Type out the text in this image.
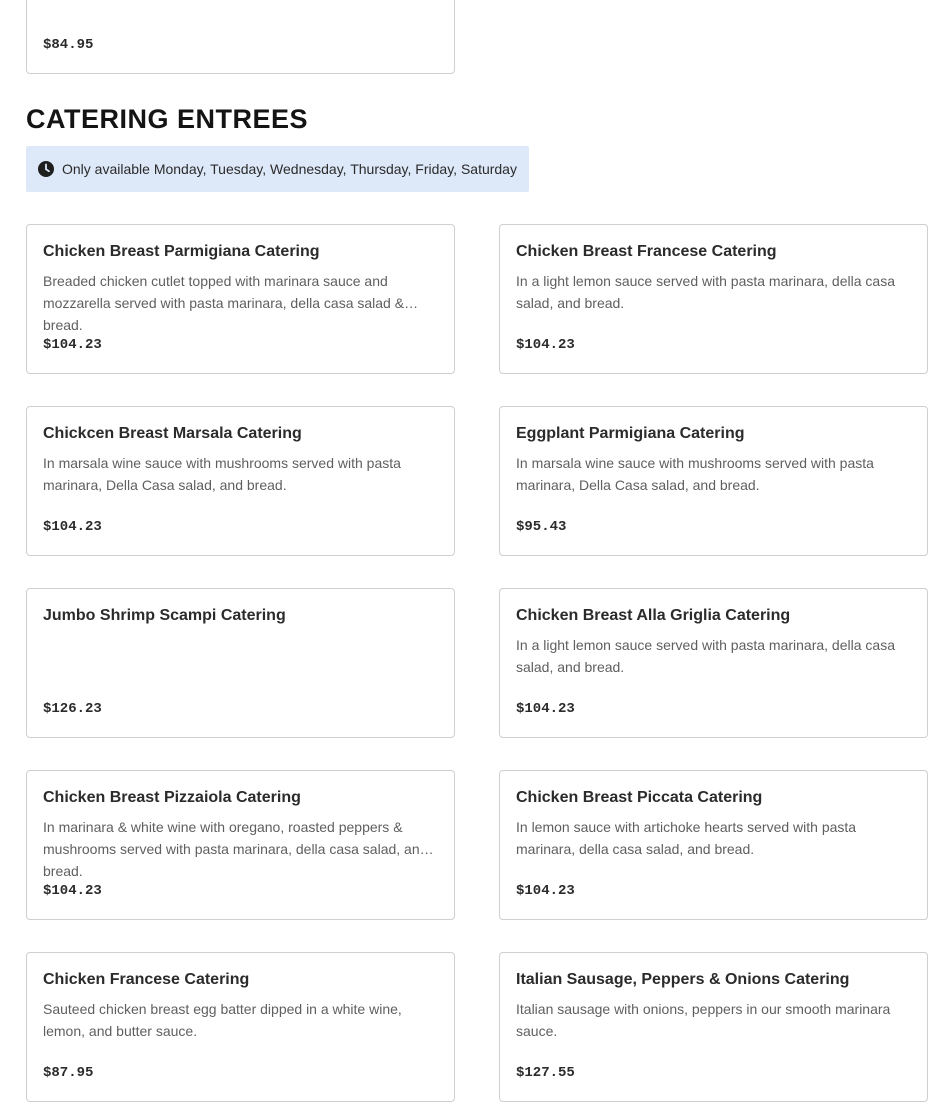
$84.95
CATERING ENTREES
Only available Monday, Tuesday, Wednesday, Thursday, Friday, Saturday
Chicken Breast Parmigiana Catering
Breaded chicken cutlet topped with marinara sauce and mozzarella served with pasta marinara, della casa salad & bread.
$104.23
Chicken Breast Francese Catering
In a light lemon sauce served with pasta marinara, della casa salad, and bread.
$104.23
Chickcen Breast Marsala Catering
In marsala wine sauce with mushrooms served with pasta marinara, Della Casa salad, and bread.
$104.23
Eggplant Parmigiana Catering
In marsala wine sauce with mushrooms served with pasta marinara, Della Casa salad, and bread.
$95.43
Jumbo Shrimp Scampi Catering
$126.23
Chicken Breast Alla Griglia Catering
In a light lemon sauce served with pasta marinara, della casa salad, and bread.
$104.23
Chicken Breast Pizzaiola Catering
In marinara & white wine with oregano, roasted peppers & mushrooms served with pasta marinara, della casa salad, and bread.
$104.23
Chicken Breast Piccata Catering
In lemon sauce with artichoke hearts served with pasta marinara, della casa salad, and bread.
$104.23
Chicken Francese Catering
Sauteed chicken breast egg batter dipped in a white wine, lemon, and butter sauce.
$87.95
Italian Sausage, Peppers & Onions Catering
Italian sausage with onions, peppers in our smooth marinara sauce.
$127.55
